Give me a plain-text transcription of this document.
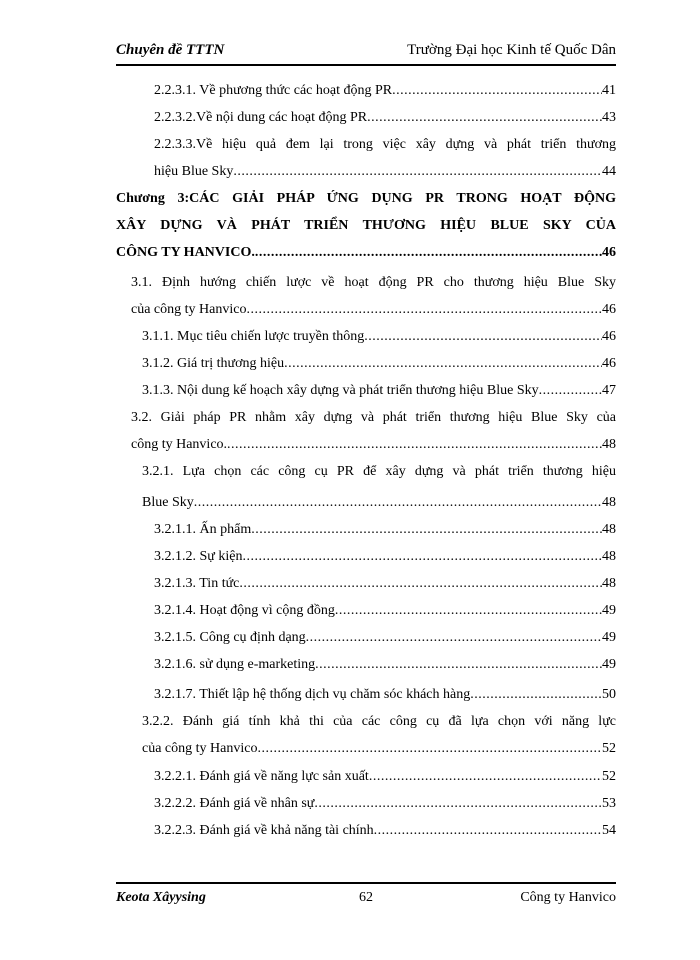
Chuyên đề TTTN	Trường Đại học Kinh tế Quốc Dân
2.2.3.1. Về phương thức các hoạt động PR .....	41
2.2.3.2.Về nội dung các hoạt động PR .....	43
2.2.3.3.Về hiệu quả đem lại trong việc xây dựng và phát triển thương
hiệu Blue Sky .....	44
Chương 3:CÁC GIẢI PHÁP ỨNG DỤNG PR TRONG HOẠT ĐỘNG
XÂY DỰNG VÀ PHÁT TRIỂN THƯƠNG HIỆU BLUE SKY CỦA
CÔNG TY HANVICO. .....	46
3.1. Định hướng chiến lược về hoạt động PR cho thương hiệu Blue Sky
của công ty Hanvico .....	46
3.1.1. Mục tiêu chiến lược truyền thông .....	46
3.1.2. Giá trị thương hiệu .....	46
3.1.3. Nội dung kế hoạch xây dựng và phát triển thương hiệu Blue Sky .....	47
3.2. Giải pháp PR nhằm xây dựng và phát triển thương hiệu Blue Sky của
công ty Hanvico. .....	48
3.2.1. Lựa chọn các công cụ PR để xây dựng và phát triển thương hiệu
Blue Sky .....	48
3.2.1.1. Ấn phẩm .....	48
3.2.1.2. Sự kiện .....	48
3.2.1.3. Tin tức .....	48
3.2.1.4. Hoạt động vì cộng đồng .....	49
3.2.1.5. Công cụ định dạng .....	49
3.2.1.6. sử dụng e-marketing .....	49
3.2.1.7. Thiết lập hệ thống dịch vụ chăm sóc khách hàng .....	50
3.2.2. Đánh giá tính khả thi của các công cụ đã lựa chọn với năng lực
của công ty Hanvico .....	52
3.2.2.1. Đánh giá về năng lực sản xuất .....	52
3.2.2.2. Đánh giá về nhân sự .....	53
3.2.2.3. Đánh giá về khả năng tài chính .....	54
Keota Xâyysing	62	Công ty Hanvico
